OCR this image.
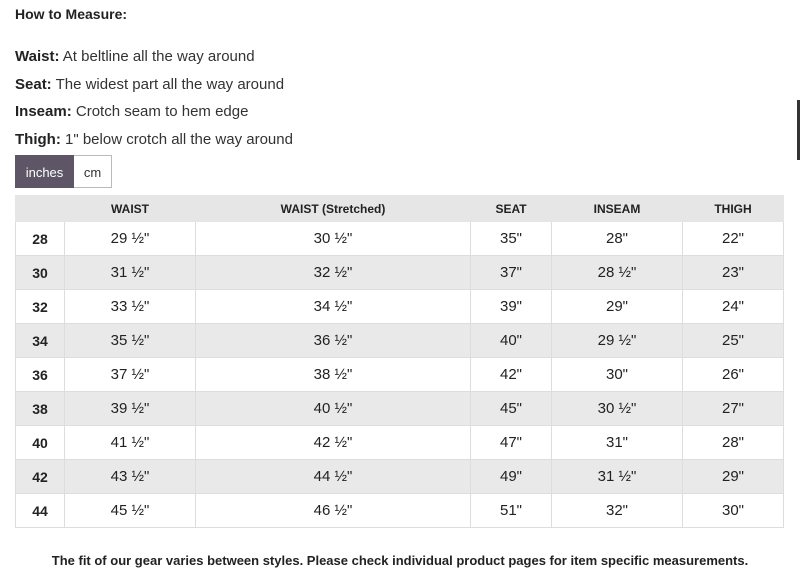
How to Measure:
Waist: At beltline all the way around
Seat: The widest part all the way around
Inseam: Crotch seam to hem edge
Thigh: 1" below crotch all the way around
inches	cm
	WAIST	WAIST (Stretched)	SEAT	INSEAM	THIGH
28	29 ½"	30 ½"	35"	28"	22"
30	31 ½"	32 ½"	37"	28 ½"	23"
32	33 ½"	34 ½"	39"	29"	24"
34	35 ½"	36 ½"	40"	29 ½"	25"
36	37 ½"	38 ½"	42"	30"	26"
38	39 ½"	40 ½"	45"	30 ½"	27"
40	41 ½"	42 ½"	47"	31"	28"
42	43 ½"	44 ½"	49"	31 ½"	29"
44	45 ½"	46 ½"	51"	32"	30"
The fit of our gear varies between styles. Please check individual product pages for item specific measurements.
